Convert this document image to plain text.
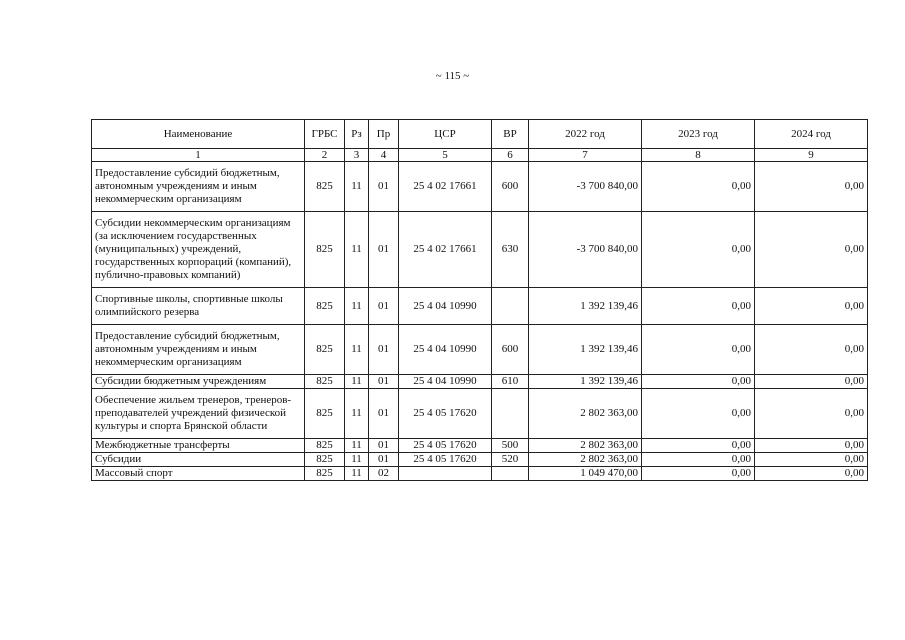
~ 115 ~
Наименование	ГРБС	Рз	Пр	ЦСР	ВР	2022 год	2023 год	2024 год
1	2	3	4	5	6	7	8	9
Предоставление субсидий бюджетным, автономным учреждениям и иным некоммерческим организациям	825	11	01	25 4 02 17661	600	-3 700 840,00	0,00	0,00
Субсидии некоммерческим организациям (за исключением государственных (муниципальных) учреждений, государственных корпораций (компаний), публично-правовых компаний)	825	11	01	25 4 02 17661	630	-3 700 840,00	0,00	0,00
Спортивные школы, спортивные школы олимпийского резерва	825	11	01	25 4 04 10990		1 392 139,46	0,00	0,00
Предоставление субсидий бюджетным, автономным учреждениям и иным некоммерческим организациям	825	11	01	25 4 04 10990	600	1 392 139,46	0,00	0,00
Субсидии бюджетным учреждениям	825	11	01	25 4 04 10990	610	1 392 139,46	0,00	0,00
Обеспечение жильем тренеров, тренеров-преподавателей учреждений физической культуры и спорта Брянской области	825	11	01	25 4 05 17620		2 802 363,00	0,00	0,00
Межбюджетные трансферты	825	11	01	25 4 05 17620	500	2 802 363,00	0,00	0,00
Субсидии	825	11	01	25 4 05 17620	520	2 802 363,00	0,00	0,00
Массовый спорт	825	11	02			1 049 470,00	0,00	0,00
